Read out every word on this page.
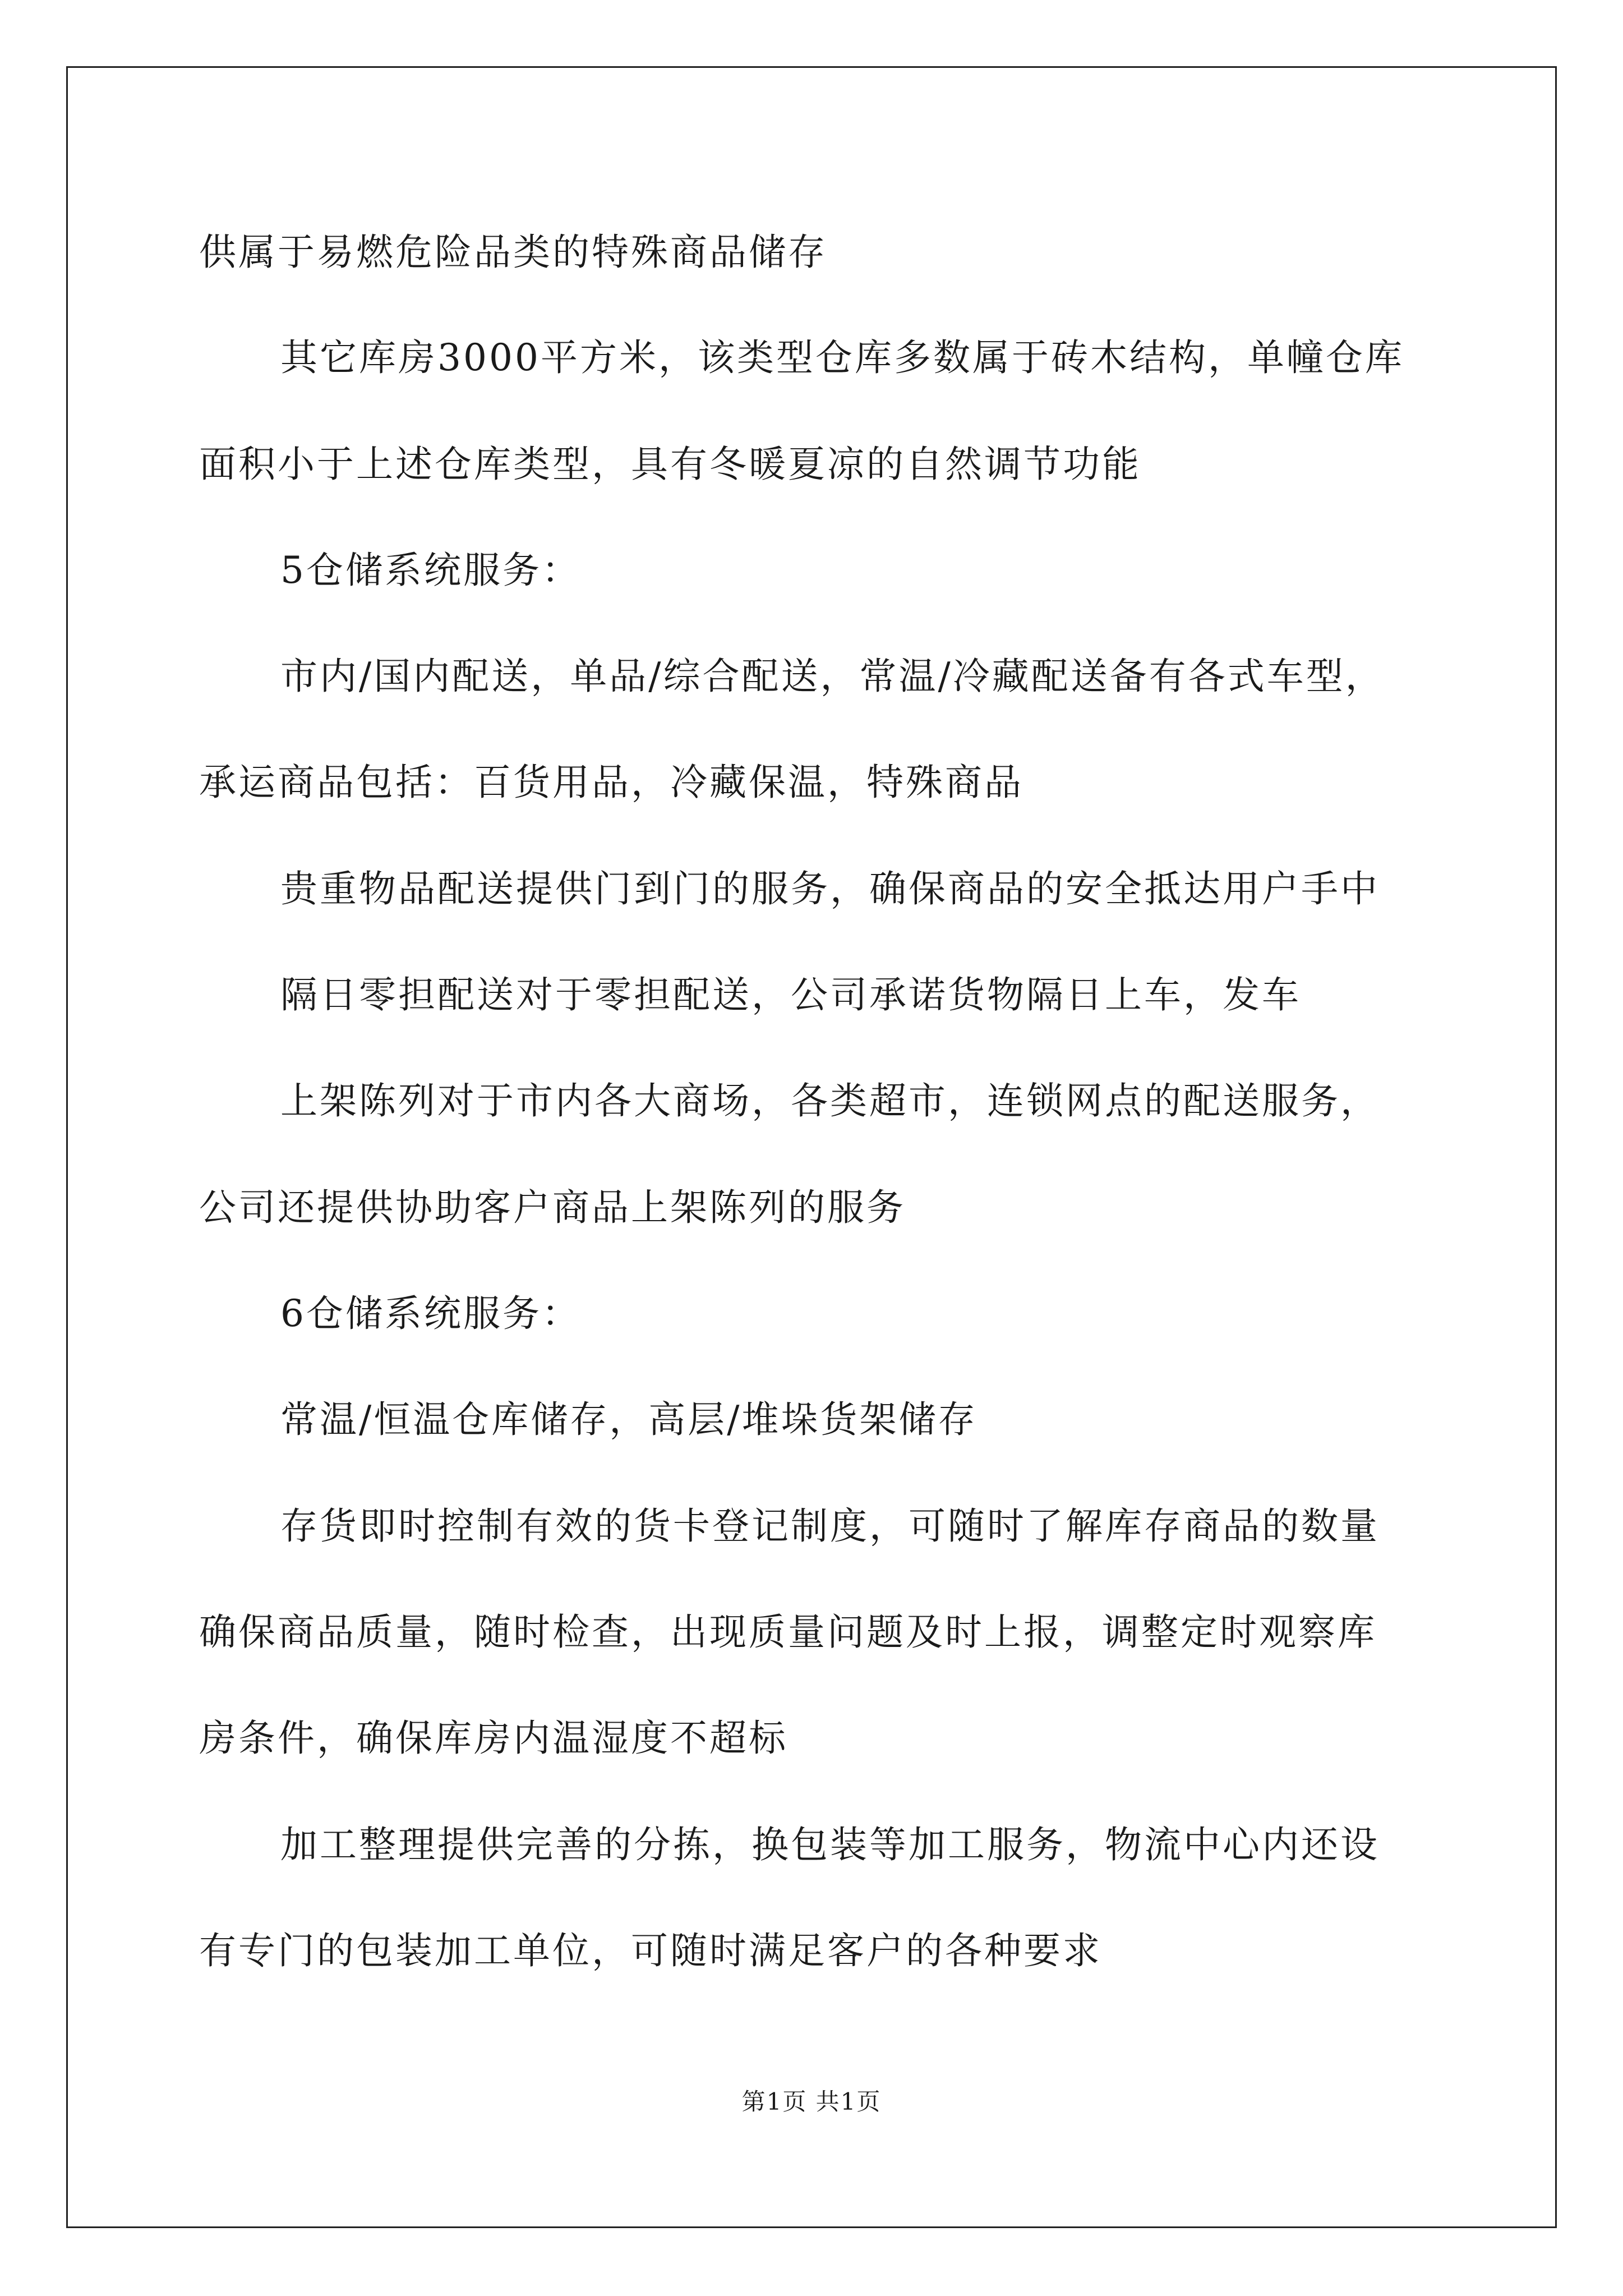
供属于易燃危险品类的特殊商品储存
其它库房3000平方米，该类型仓库多数属于砖木结构，单幢仓库
面积小于上述仓库类型，具有冬暖夏凉的自然调节功能
5仓储系统服务：
市内/国内配送，单品/综合配送，常温/冷藏配送备有各式车型，
承运商品包括：百货用品，冷藏保温，特殊商品
贵重物品配送提供门到门的服务，确保商品的安全抵达用户手中
隔日零担配送对于零担配送，公司承诺货物隔日上车，发车
上架陈列对于市内各大商场，各类超市，连锁网点的配送服务，
公司还提供协助客户商品上架陈列的服务
6仓储系统服务：
常温/恒温仓库储存，高层/堆垛货架储存
存货即时控制有效的货卡登记制度，可随时了解库存商品的数量
确保商品质量，随时检查，出现质量问题及时上报，调整定时观察库
房条件，确保库房内温湿度不超标
加工整理提供完善的分拣，换包装等加工服务，物流中心内还设
有专门的包装加工单位，可随时满足客户的各种要求
第1页 共1页
